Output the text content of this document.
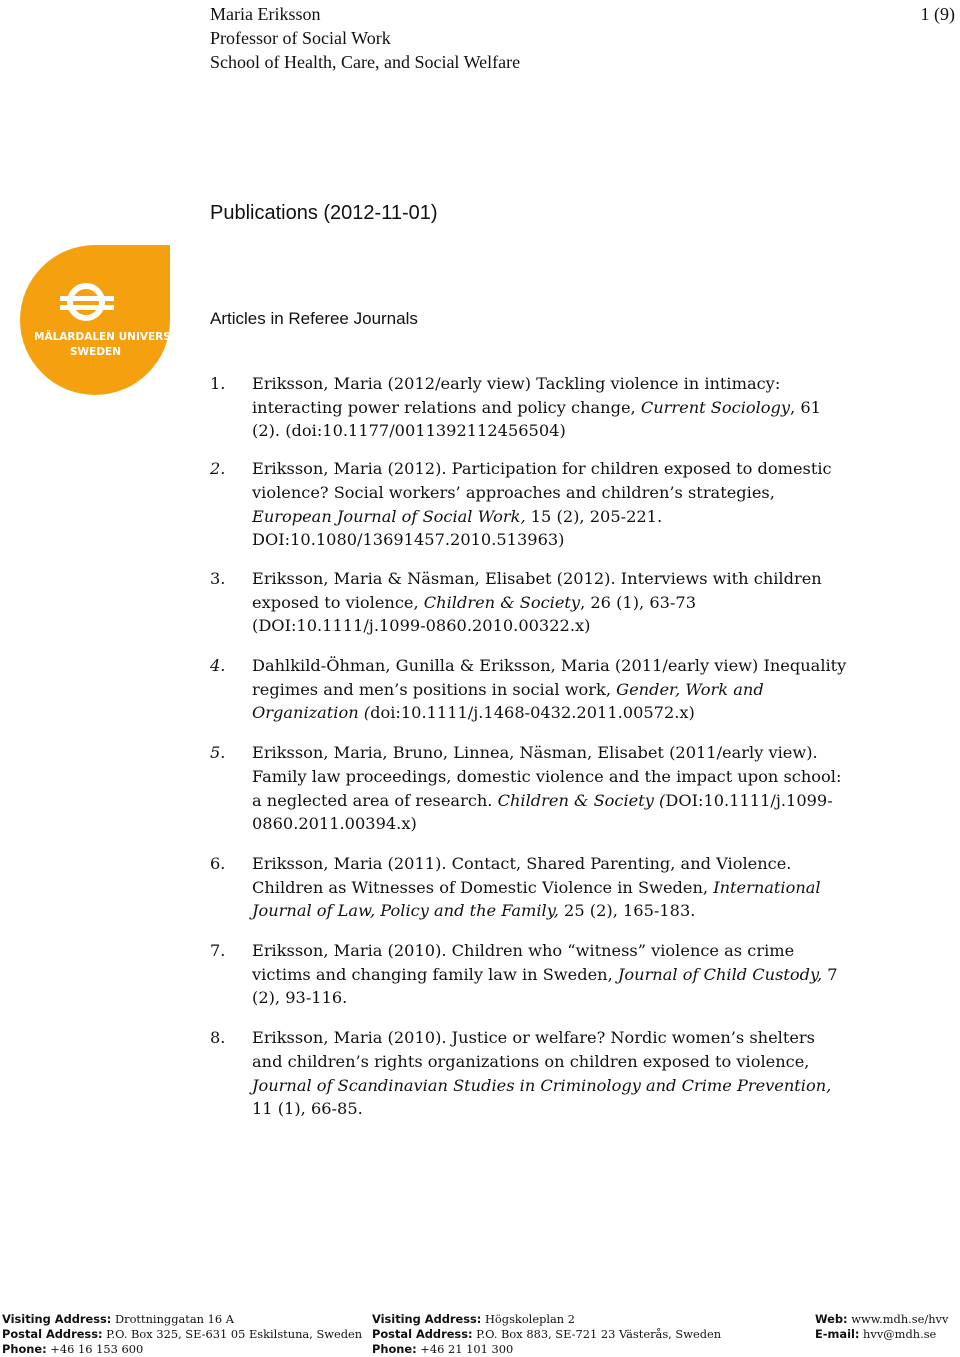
Maria Eriksson
Professor of Social Work
School of Health, Care, and Social Welfare
1 (9)
Publications (2012-11-01)
MÄLARDALEN UNIVERSITY
SWEDEN
Articles in Referee Journals
1.	Eriksson, Maria (2012/early view) Tackling violence in intimacy: interacting power relations and policy change, Current Sociology, 61 (2). (doi:10.1177/0011392112456504)
2.	Eriksson, Maria (2012). Participation for children exposed to domestic violence? Social workers’ approaches and children’s strategies, European Journal of Social Work, 15 (2), 205-221. DOI:10.1080/13691457.2010.513963)
3.	Eriksson, Maria & Näsman, Elisabet (2012). Interviews with children exposed to violence, Children & Society, 26 (1), 63-73 (DOI:10.1111/j.1099-0860.2010.00322.x)
4.	Dahlkild-Öhman, Gunilla & Eriksson, Maria (2011/early view) Inequality regimes and men’s positions in social work, Gender, Work and Organization (doi:10.1111/j.1468-0432.2011.00572.x)
5.	Eriksson, Maria, Bruno, Linnea, Näsman, Elisabet (2011/early view). Family law proceedings, domestic violence and the impact upon school: a neglected area of research. Children & Society (DOI:10.1111/j.1099-0860.2011.00394.x)
6.	Eriksson, Maria (2011). Contact, Shared Parenting, and Violence. Children as Witnesses of Domestic Violence in Sweden, International Journal of Law, Policy and the Family, 25 (2), 165-183.
7.	Eriksson, Maria (2010). Children who “witness” violence as crime victims and changing family law in Sweden, Journal of Child Custody, 7 (2), 93-116.
8.	Eriksson, Maria (2010). Justice or welfare? Nordic women’s shelters and children’s rights organizations on children exposed to violence, Journal of Scandinavian Studies in Criminology and Crime Prevention, 11 (1), 66-85.
Visiting Address: Drottninggatan 16 A
Postal Address: P.O. Box 325, SE-631 05 Eskilstuna, Sweden
Phone: +46 16 153 600
Visiting Address: Högskoleplan 2
Postal Address: P.O. Box 883, SE-721 23 Västerås, Sweden
Phone: +46 21 101 300
Web: www.mdh.se/hvv
E-mail: hvv@mdh.se
